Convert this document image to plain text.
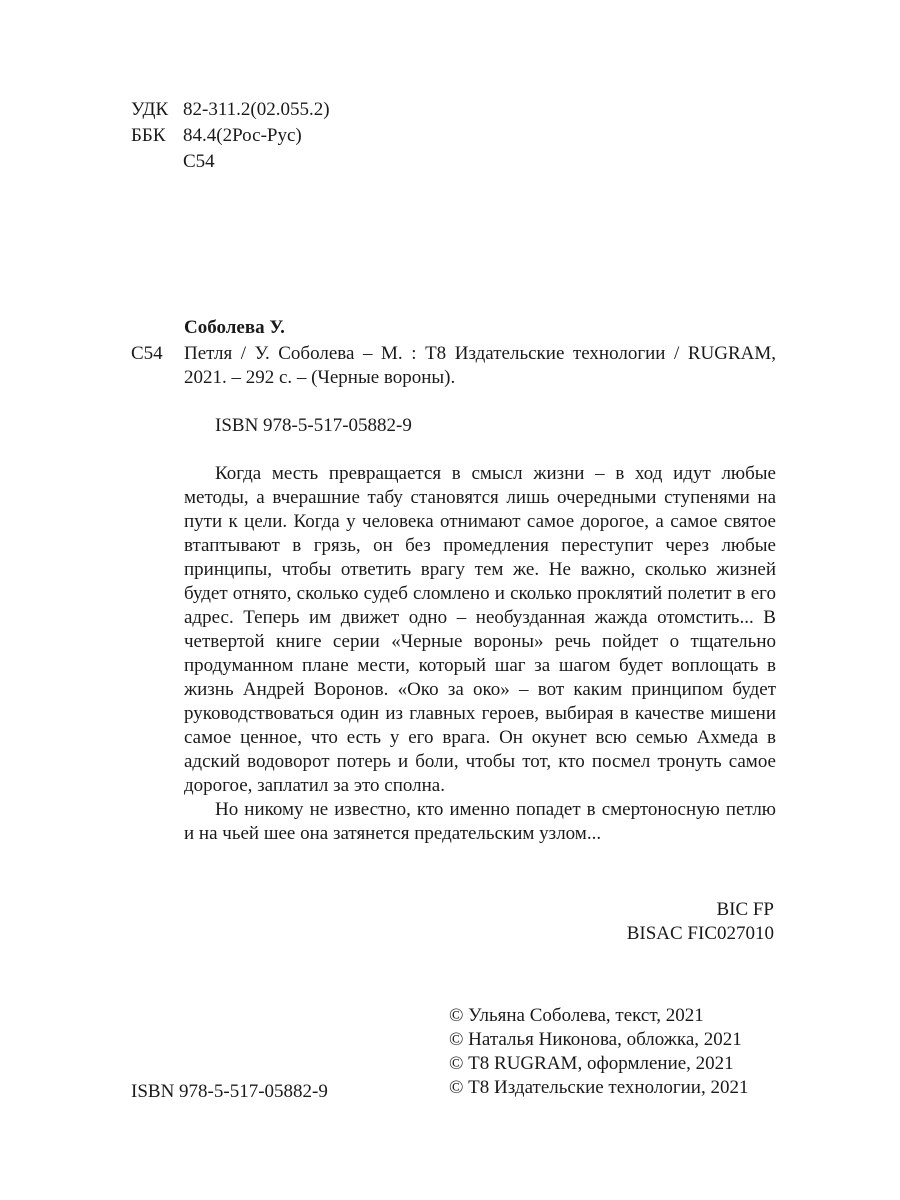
УДК 82-311.2(02.055.2)
ББК 84.4(2Рос-Рус)
С54
Соболева У.
С54 Петля / У. Соболева – М. : Т8 Издательские технологии / RUGRAM, 2021. – 292 с. – (Черные вороны).
ISBN 978-5-517-05882-9

Когда месть превращается в смысл жизни – в ход идут любые методы, а вчерашние табу становятся лишь очередными ступенями на пути к цели. Когда у человека отнимают самое дорогое, а самое святое втаптывают в грязь, он без промедления переступит через любые принципы, чтобы ответить врагу тем же. Не важно, сколько жизней будет отнято, сколько судеб сломлено и сколько проклятий полетит в его адрес. Теперь им движет одно – необузданная жажда отомстить... В четвертой книге серии «Черные вороны» речь пойдет о тщательно продуманном плане мести, который шаг за шагом будет воплощать в жизнь Андрей Воронов. «Око за око» – вот каким принципом будет руководствоваться один из главных героев, выбирая в качестве мишени самое ценное, что есть у его врага. Он окунет всю семью Ахмеда в адский водоворот потерь и боли, чтобы тот, кто посмел тронуть самое дорогое, заплатил за это сполна.

Но никому не известно, кто именно попадет в смертоносную петлю и на чьей шее она затянется предательским узлом...

BIC FP
BISAC FIC027010
© Ульяна Соболева, текст, 2021
© Наталья Никонова, обложка, 2021
© Т8 RUGRAM, оформление, 2021
© Т8 Издательские технологии, 2021
ISBN 978-5-517-05882-9
